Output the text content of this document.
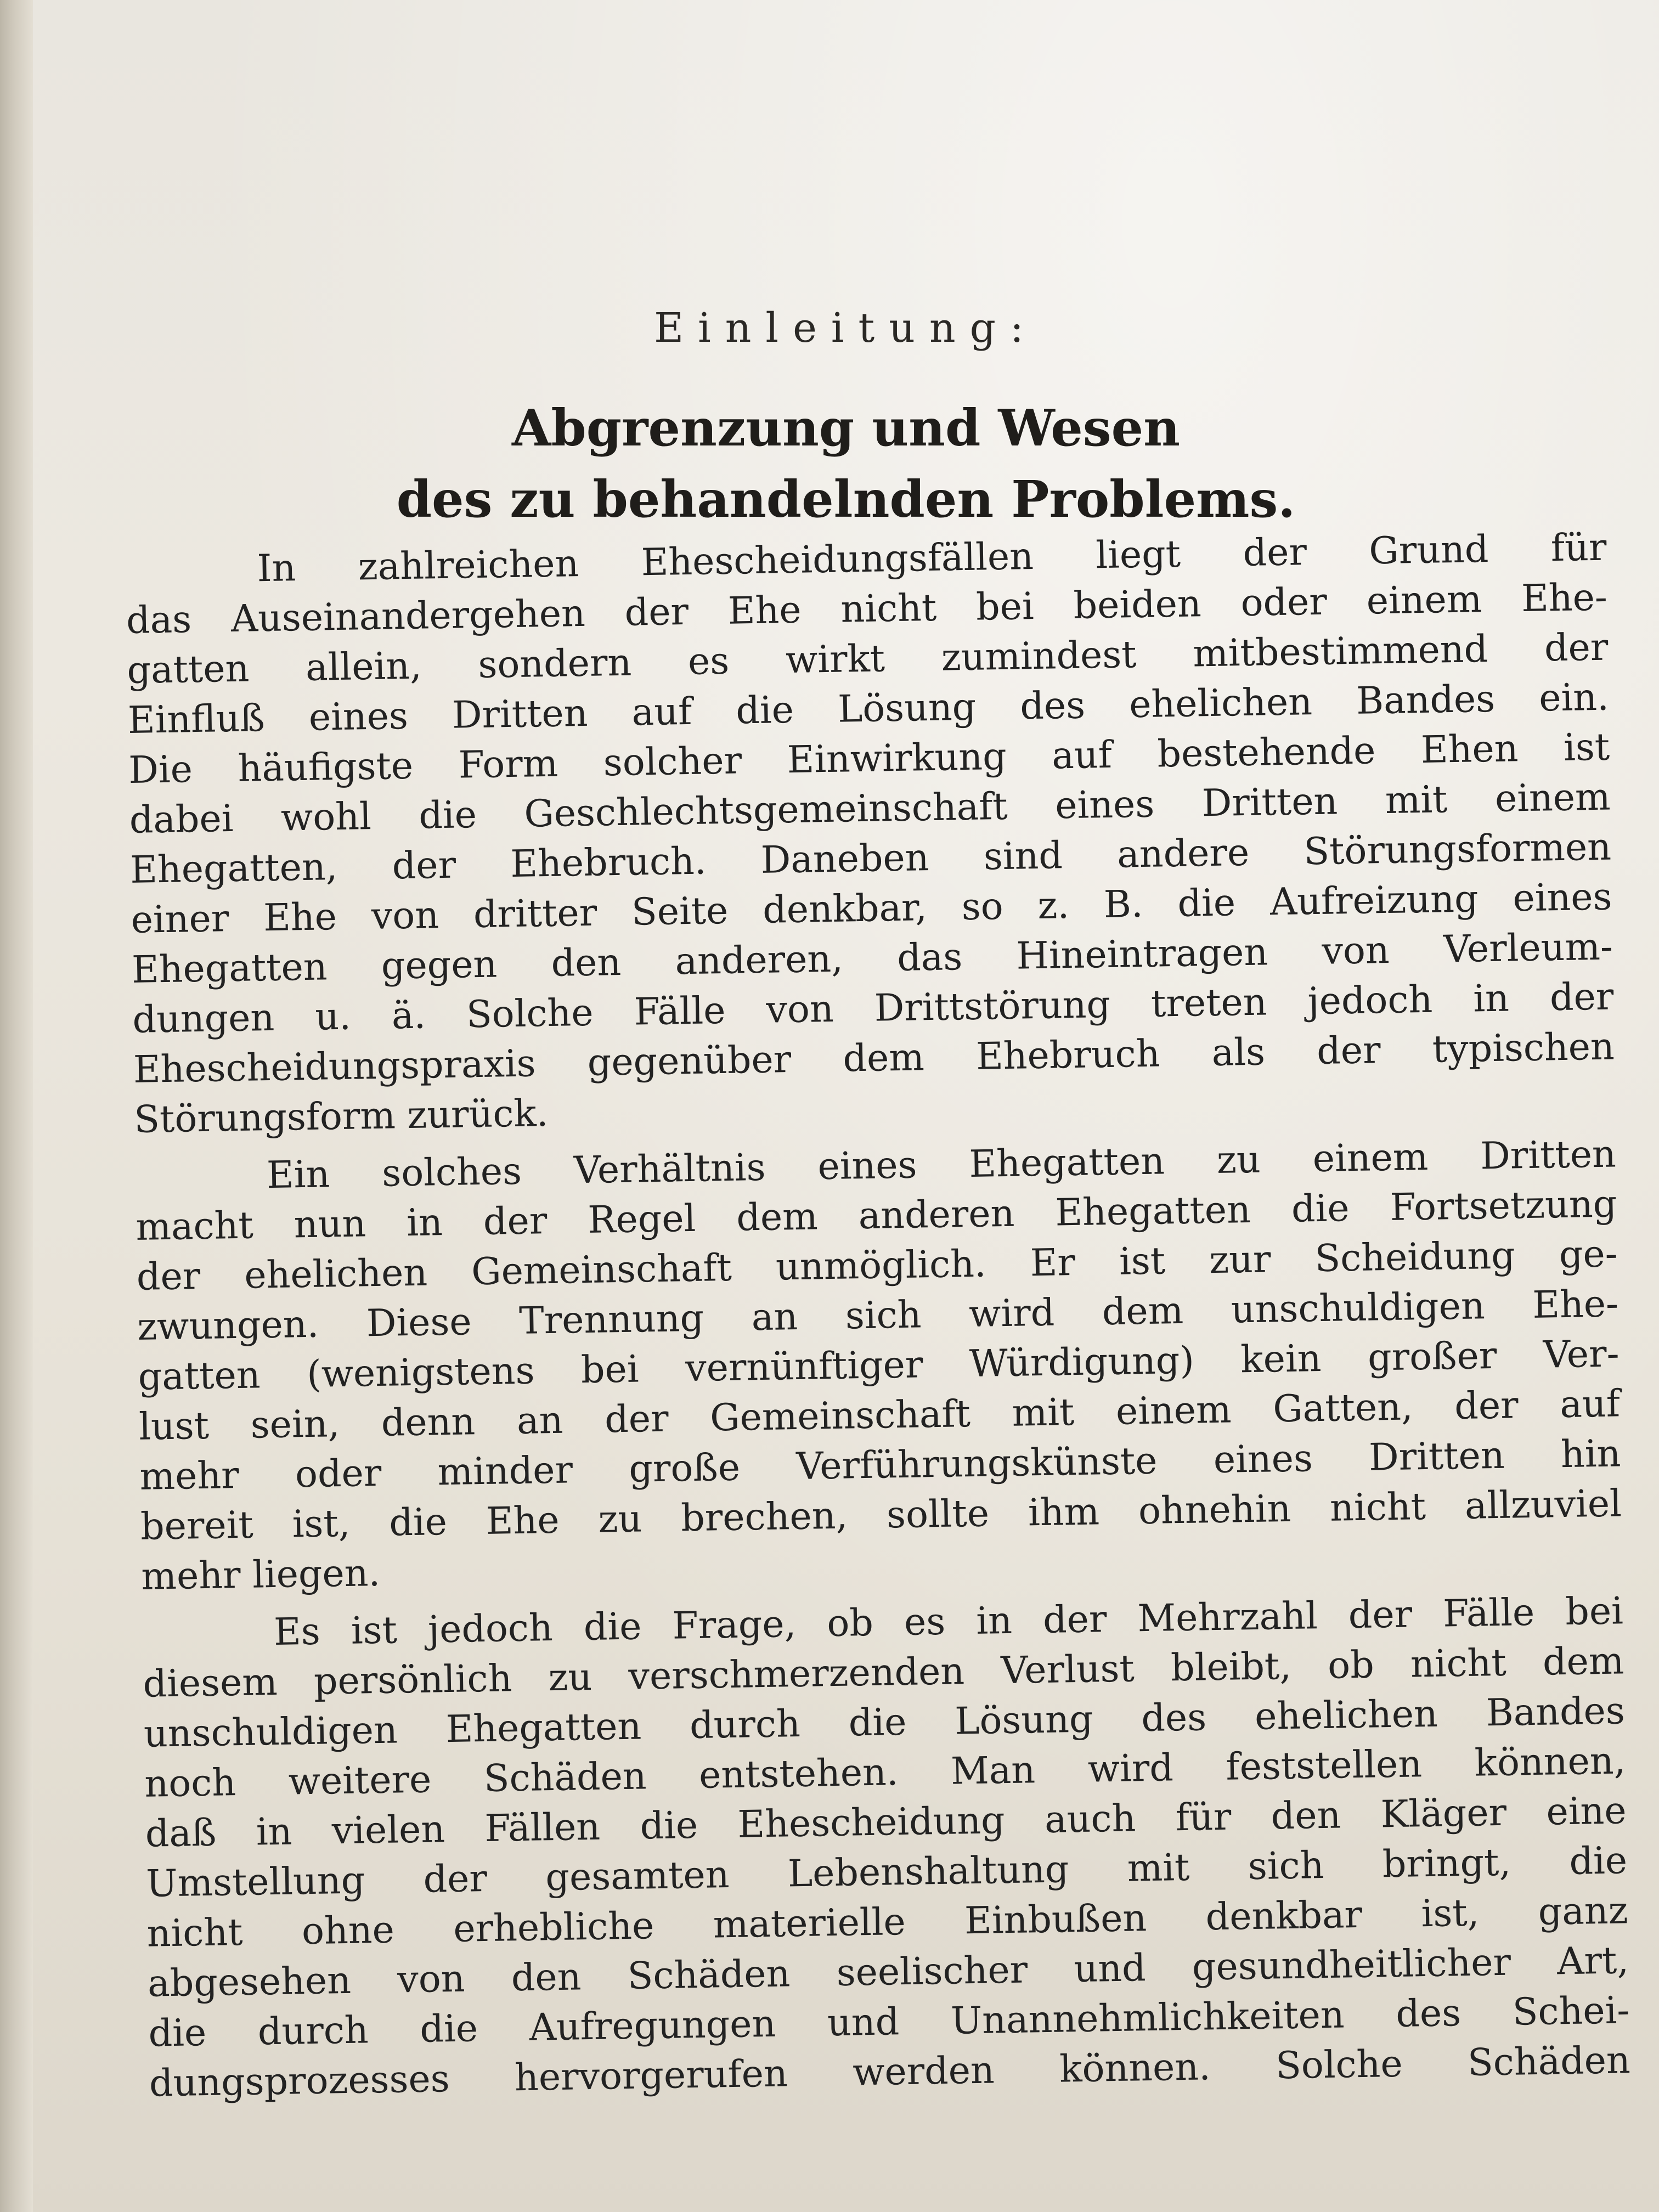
Einleitung:
Abgrenzung und Wesen
des zu behandelnden Problems.
In zahlreichen Ehescheidungsfällen liegt der Grund für
das Auseinandergehen der Ehe nicht bei beiden oder einem Ehe-
gatten allein, sondern es wirkt zumindest mitbestimmend der
Einfluß eines Dritten auf die Lösung des ehelichen Bandes ein.
Die häufigste Form solcher Einwirkung auf bestehende Ehen ist
dabei wohl die Geschlechtsgemeinschaft eines Dritten mit einem
Ehegatten, der Ehebruch. Daneben sind andere Störungsformen
einer Ehe von dritter Seite denkbar, so z. B. die Aufreizung eines
Ehegatten gegen den anderen, das Hineintragen von Verleum-
dungen u. ä. Solche Fälle von Drittstörung treten jedoch in der
Ehescheidungspraxis gegenüber dem Ehebruch als der typischen
Störungsform zurück.
Ein solches Verhältnis eines Ehegatten zu einem Dritten
macht nun in der Regel dem anderen Ehegatten die Fortsetzung
der ehelichen Gemeinschaft unmöglich. Er ist zur Scheidung ge-
zwungen. Diese Trennung an sich wird dem unschuldigen Ehe-
gatten (wenigstens bei vernünftiger Würdigung) kein großer Ver-
lust sein, denn an der Gemeinschaft mit einem Gatten, der auf
mehr oder minder große Verführungskünste eines Dritten hin
bereit ist, die Ehe zu brechen, sollte ihm ohnehin nicht allzuviel
mehr liegen.
Es ist jedoch die Frage, ob es in der Mehrzahl der Fälle bei
diesem persönlich zu verschmerzenden Verlust bleibt, ob nicht dem
unschuldigen Ehegatten durch die Lösung des ehelichen Bandes
noch weitere Schäden entstehen. Man wird feststellen können,
daß in vielen Fällen die Ehescheidung auch für den Kläger eine
Umstellung der gesamten Lebenshaltung mit sich bringt, die
nicht ohne erhebliche materielle Einbußen denkbar ist, ganz
abgesehen von den Schäden seelischer und gesundheitlicher Art,
die durch die Aufregungen und Unannehmlichkeiten des Schei-
dungsprozesses hervorgerufen werden können. Solche Schäden
